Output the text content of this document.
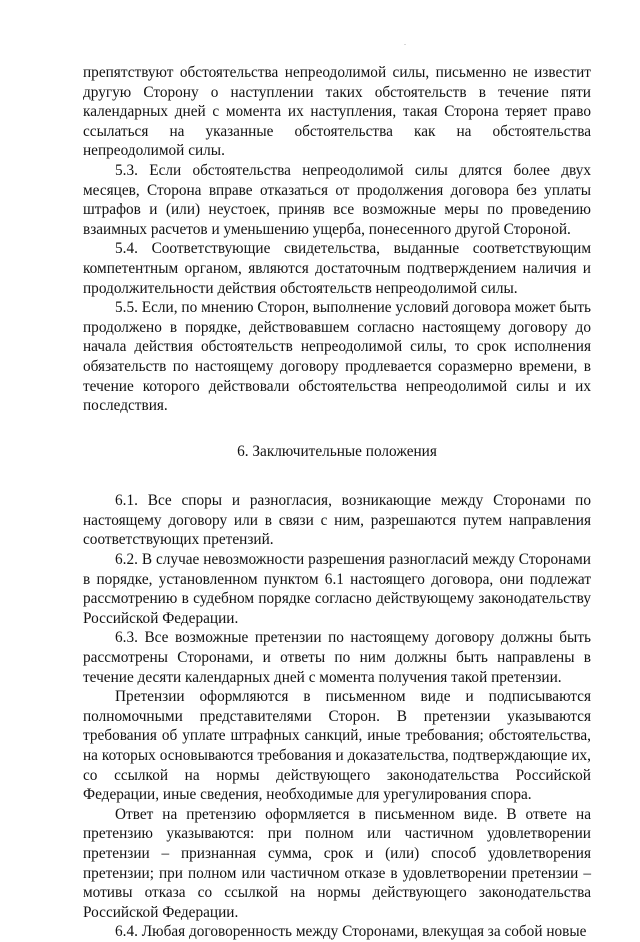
.

препятствуют обстоятельства непреодолимой силы, письменно не известит другую Сторону о наступлении таких обстоятельств в течение пяти календарных дней с момента их наступления, такая Сторона теряет право ссылаться на указанные обстоятельства как на обстоятельства непреодолимой силы.

5.3. Если обстоятельства непреодолимой силы длятся более двух месяцев, Сторона вправе отказаться от продолжения договора без уплаты штрафов и (или) неустоек, приняв все возможные меры по проведению взаимных расчетов и уменьшению ущерба, понесенного другой Стороной.

5.4. Соответствующие свидетельства, выданные соответствующим компетентным органом, являются достаточным подтверждением наличия и продолжительности действия обстоятельств непреодолимой силы.

5.5. Если, по мнению Сторон, выполнение условий договора может быть продолжено в порядке, действовавшем согласно настоящему договору до начала действия обстоятельств непреодолимой силы, то срок исполнения обязательств по настоящему договору продлевается соразмерно времени, в течение которого действовали обстоятельства непреодолимой силы и их последствия.

6. Заключительные положения

6.1. Все споры и разногласия, возникающие между Сторонами по настоящему договору или в связи с ним, разрешаются путем направления соответствующих претензий.

6.2. В случае невозможности разрешения разногласий между Сторонами в порядке, установленном пунктом 6.1 настоящего договора, они подлежат рассмотрению в судебном порядке согласно действующему законодательству Российской Федерации.

6.3. Все возможные претензии по настоящему договору должны быть рассмотрены Сторонами, и ответы по ним должны быть направлены в течение десяти календарных дней с момента получения такой претензии.

Претензии оформляются в письменном виде и подписываются полномочными представителями Сторон. В претензии указываются требования об уплате штрафных санкций, иные требования; обстоятельства, на которых основываются требования и доказательства, подтверждающие их, со ссылкой на нормы действующего законодательства Российской Федерации, иные сведения, необходимые для урегулирования спора.

Ответ на претензию оформляется в письменном виде. В ответе на претензию указываются: при полном или частичном удовлетворении претензии – признанная сумма, срок и (или) способ удовлетворения претензии; при полном или частичном отказе в удовлетворении претензии – мотивы отказа со ссылкой на нормы действующего законодательства Российской Федерации.

6.4. Любая договоренность между Сторонами, влекущая за собой новые
